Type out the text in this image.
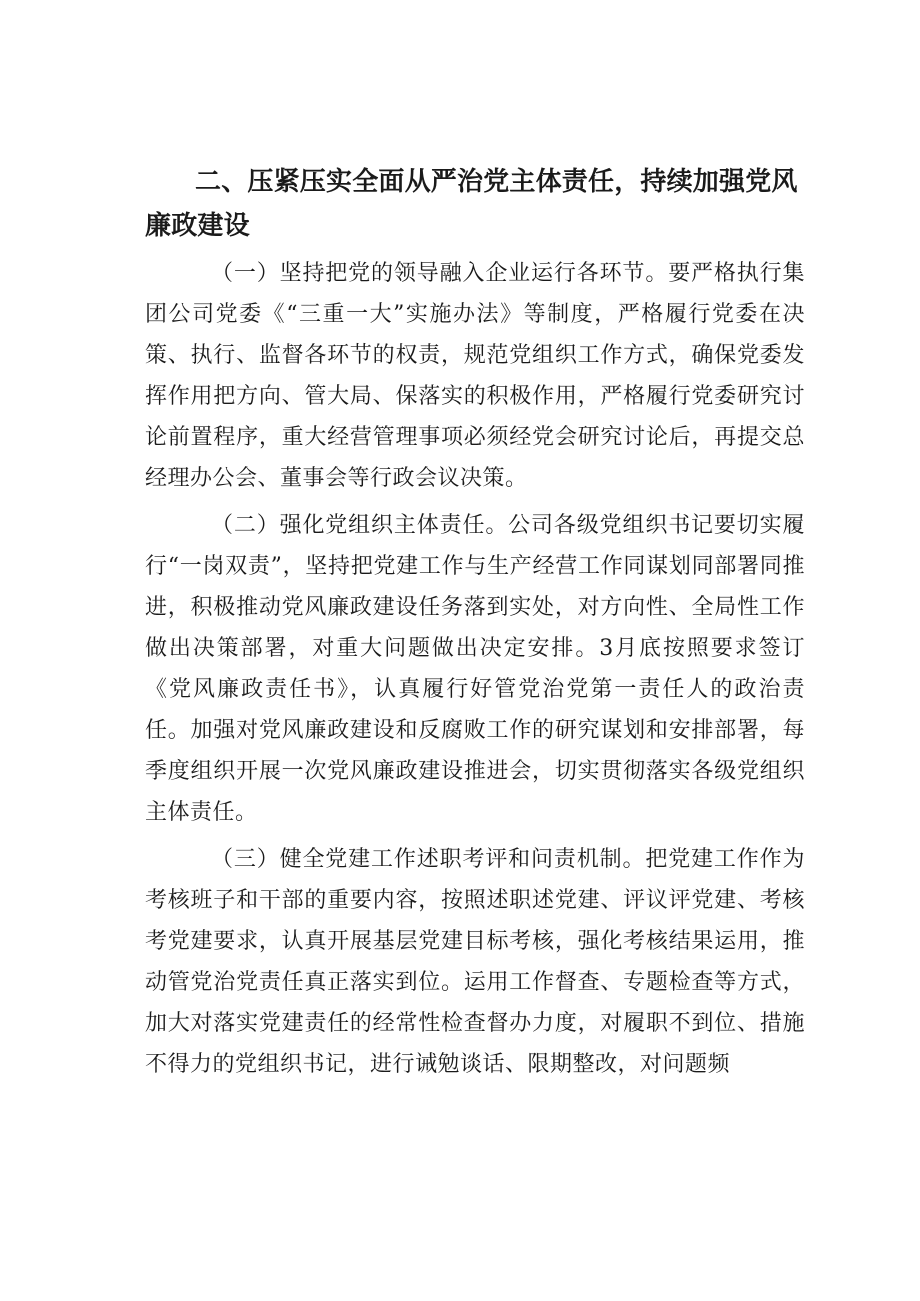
二、压紧压实全面从严治党主体责任，持续加强党风廉政建设

（一）坚持把党的领导融入企业运行各环节。要严格执行集团公司党委《“三重一大”实施办法》等制度，严格履行党委在决策、执行、监督各环节的权责，规范党组织工作方式，确保党委发挥作用把方向、管大局、保落实的积极作用，严格履行党委研究讨论前置程序，重大经营管理事项必须经党会研究讨论后，再提交总经理办公会、董事会等行政会议决策。

（二）强化党组织主体责任。公司各级党组织书记要切实履行“一岗双责”，坚持把党建工作与生产经营工作同谋划同部署同推进，积极推动党风廉政建设任务落到实处，对方向性、全局性工作做出决策部署，对重大问题做出决定安排。3月底按照要求签订《党风廉政责任书》，认真履行好管党治党第一责任人的政治责任。加强对党风廉政建设和反腐败工作的研究谋划和安排部署，每季度组织开展一次党风廉政建设推进会，切实贯彻落实各级党组织主体责任。

（三）健全党建工作述职考评和问责机制。把党建工作作为考核班子和干部的重要内容，按照述职述党建、评议评党建、考核考党建要求，认真开展基层党建目标考核，强化考核结果运用，推动管党治党责任真正落实到位。运用工作督查、专题检查等方式，加大对落实党建责任的经常性检查督办力度，对履职不到位、措施不得力的党组织书记，进行诫勉谈话、限期整改，对问题频
